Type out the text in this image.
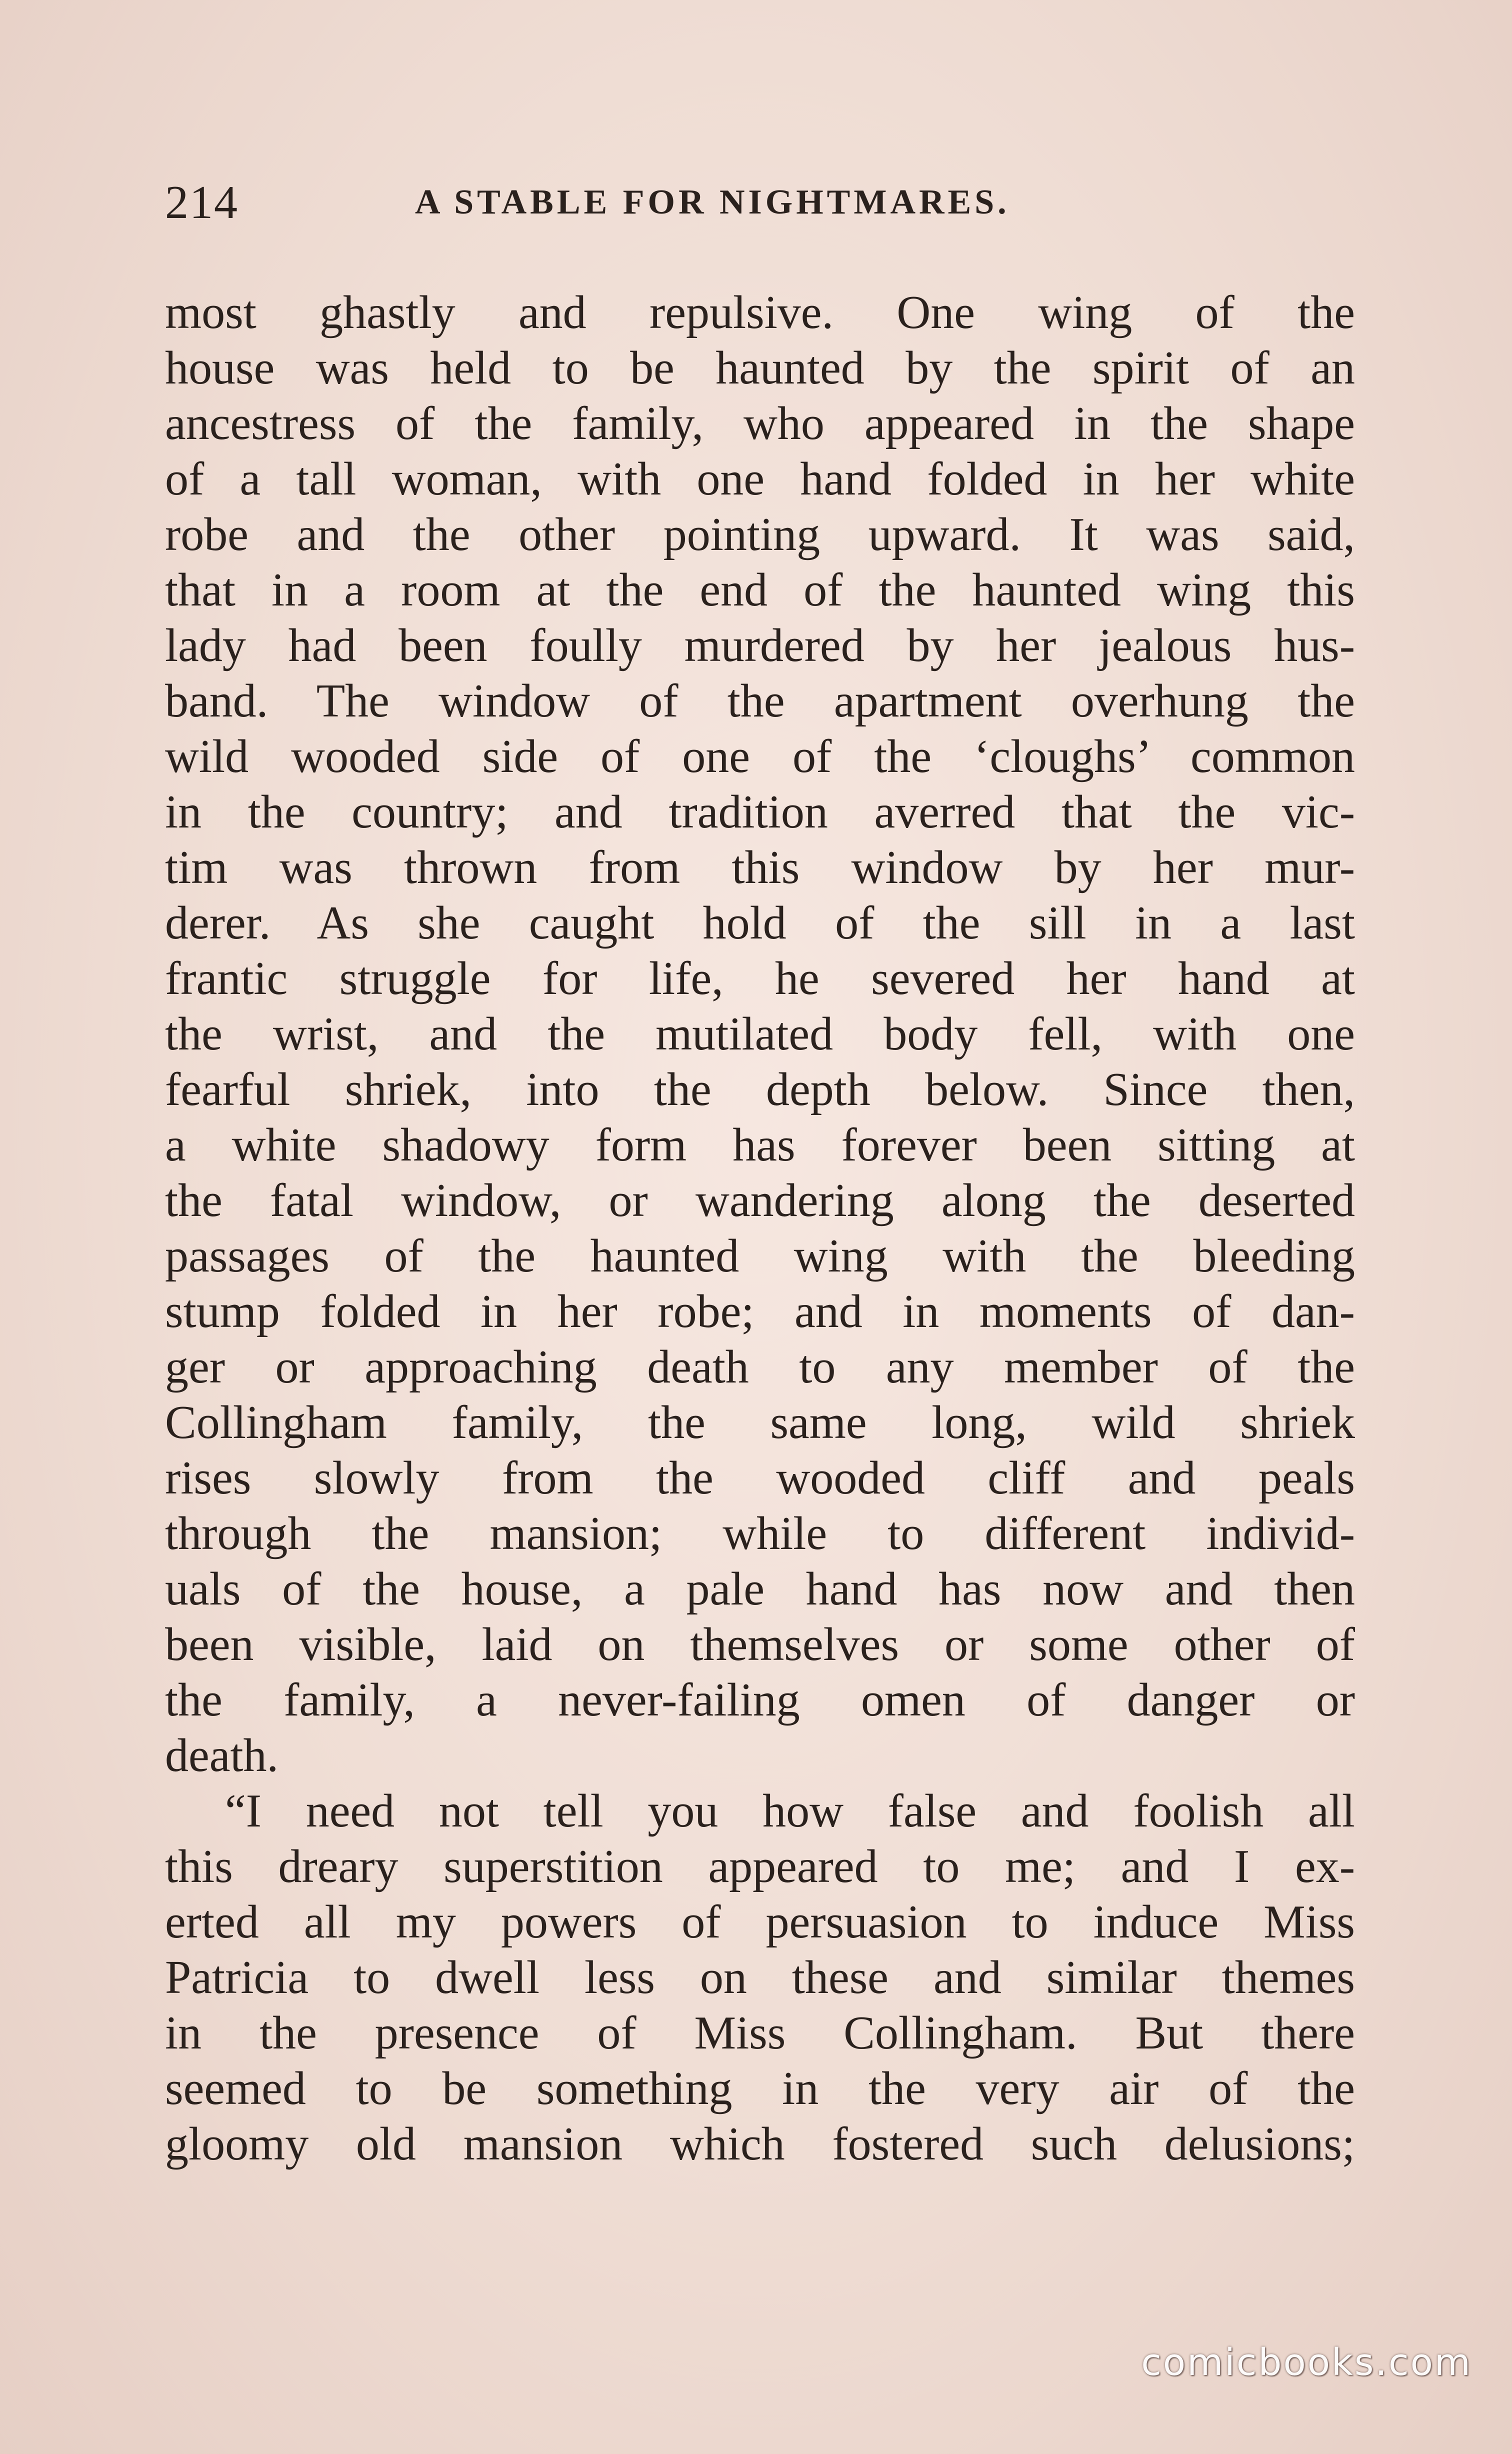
214	A STABLE FOR NIGHTMARES.
most ghastly and repulsive. One wing of the
house was held to be haunted by the spirit of an
ancestress of the family, who appeared in the shape
of a tall woman, with one hand folded in her white
robe and the other pointing upward. It was said,
that in a room at the end of the haunted wing this
lady had been foully murdered by her jealous hus-
band. The window of the apartment overhung the
wild wooded side of one of the ‘cloughs’ common
in the country; and tradition averred that the vic-
tim was thrown from this window by her mur-
derer. As she caught hold of the sill in a last
frantic struggle for life, he severed her hand at
the wrist, and the mutilated body fell, with one
fearful shriek, into the depth below. Since then,
a white shadowy form has forever been sitting at
the fatal window, or wandering along the deserted
passages of the haunted wing with the bleeding
stump folded in her robe; and in moments of dan-
ger or approaching death to any member of the
Collingham family, the same long, wild shriek
rises slowly from the wooded cliff and peals
through the mansion; while to different individ-
uals of the house, a pale hand has now and then
been visible, laid on themselves or some other of
the family, a never-failing omen of danger or
death.
“I need not tell you how false and foolish all
this dreary superstition appeared to me; and I ex-
erted all my powers of persuasion to induce Miss
Patricia to dwell less on these and similar themes
in the presence of Miss Collingham. But there
seemed to be something in the very air of the
gloomy old mansion which fostered such delusions;
comicbooks.com
